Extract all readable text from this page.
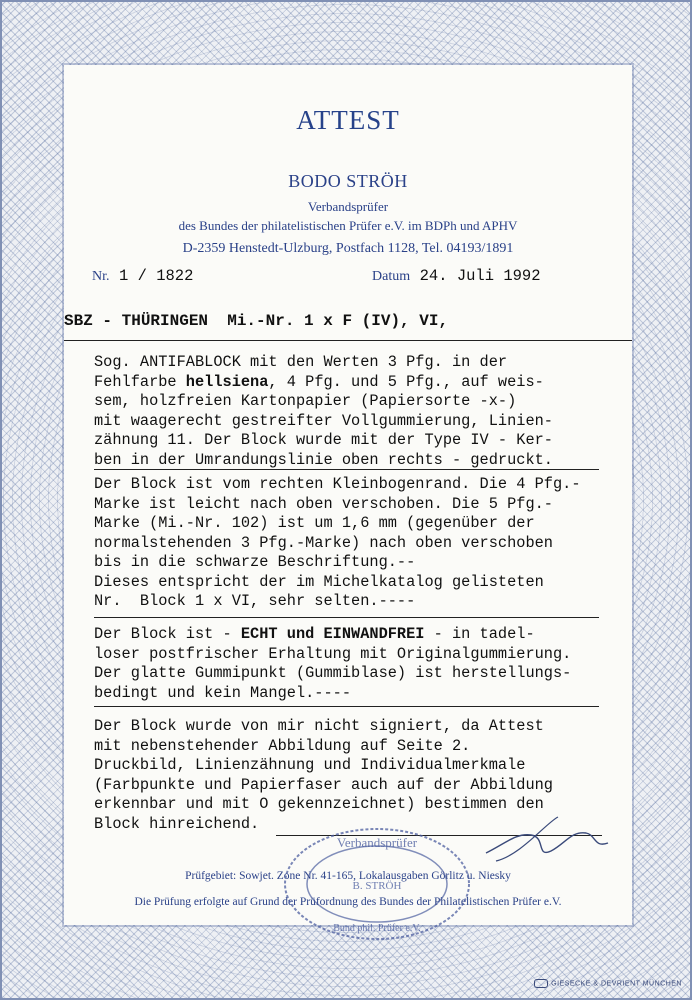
ATTEST
BODO STRÖH
Verbandsprüfer
des Bundes der philatelistischen Prüfer e.V. im BDPh und APHV
D-2359 Henstedt-Ulzburg, Postfach 1128, Tel. 04193/1891
Nr. 1 / 1822	Datum 24. Juli 1992
SBZ - THÜRINGEN  Mi.-Nr. 1 x F (IV), VI,
Sog. ANTIFABLOCK mit den Werten 3 Pfg. in der
Fehlfarbe hellsiena, 4 Pfg. und 5 Pfg., auf weis-
sem, holzfreien Kartonpapier (Papiersorte -x-)
mit waagerecht gestreifter Vollgummierung, Linien-
zähnung 11. Der Block wurde mit der Type IV - Ker-
ben in der Umrandungslinie oben rechts - gedruckt.
Der Block ist vom rechten Kleinbogenrand. Die 4 Pfg.-
Marke ist leicht nach oben verschoben. Die 5 Pfg.-
Marke (Mi.-Nr. 102) ist um 1,6 mm (gegenüber der
normalstehenden 3 Pfg.-Marke) nach oben verschoben
bis in die schwarze Beschriftung.--
Dieses entspricht der im Michelkatalog gelisteten
Nr.  Block 1 x VI, sehr selten.----
Der Block ist - ECHT und EINWANDFREI - in tadel-
loser postfrischer Erhaltung mit Originalgummierung.
Der glatte Gummipunkt (Gummiblase) ist herstellungs-
bedingt und kein Mangel.----
Der Block wurde von mir nicht signiert, da Attest
mit nebenstehender Abbildung auf Seite 2.
Druckbild, Linienzähnung und Individualmerkmale
(Farbpunkte und Papierfaser auch auf der Abbildung
erkennbar und mit O gekennzeichnet) bestimmen den
Block hinreichend.
Prüfgebiet: Sowjet. Zone Nr. 41-165, Lokalausgaben Görlitz u. Niesky
Die Prüfung erfolgte auf Grund der Prüfordnung des Bundes der Philatelistischen Prüfer e.V.
Verbandsprüfer
B. STRÖH
Bund phil. Prüfer e.V.
GIESECKE & DEVRIENT MÜNCHEN
